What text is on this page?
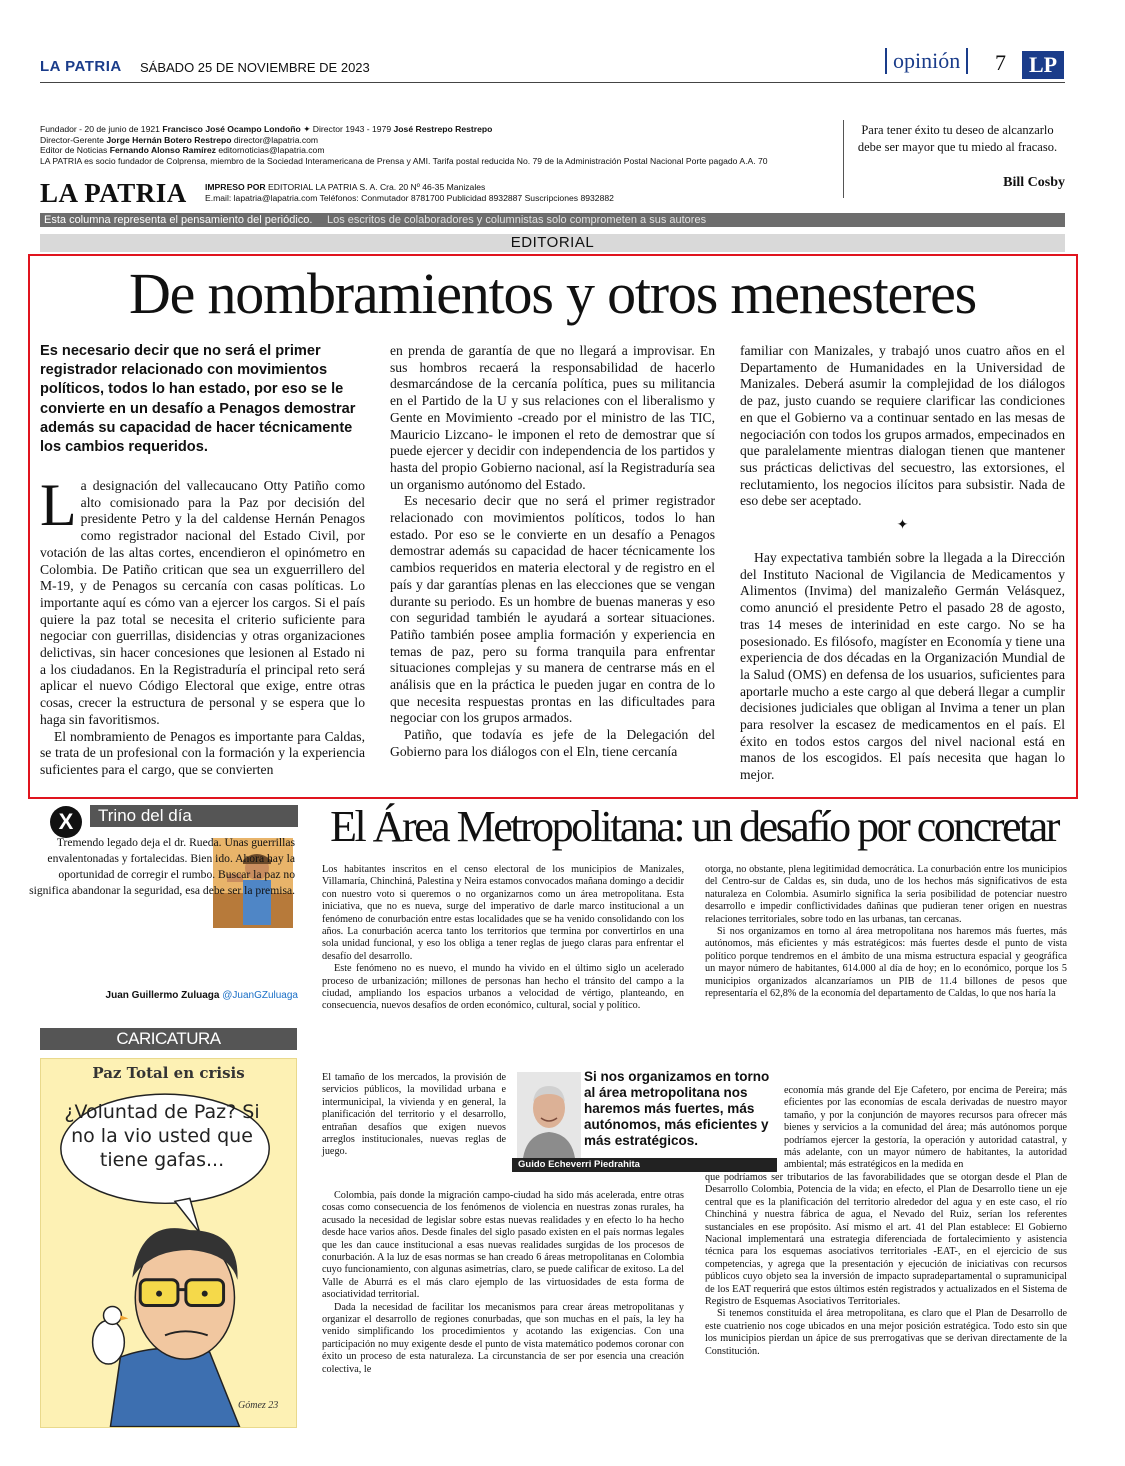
LA PATRIA SÁBADO 25 DE NOVIEMBRE DE 2023	opinión	7	LP
Fundador - 20 de junio de 1921 Francisco José Ocampo Londoño ✦ Director 1943 - 1979 José Restrepo Restrepo
Director-Gerente Jorge Hernán Botero Restrepo director@lapatria.com
Editor de Noticias Fernando Alonso Ramírez editornoticias@lapatria.com
LA PATRIA es socio fundador de Colprensa, miembro de la Sociedad Interamericana de Prensa y AMI. Tarifa postal reducida No. 79 de la Administración Postal Nacional Porte pagado A.A. 70
LA PATRIA IMPRESO POR EDITORIAL LA PATRIA S. A. Cra. 20 Nº 46-35 Manizales
E.mail: lapatria@lapatria.com Teléfonos: Conmutador 8781700 Publicidad 8932887 Suscripciones 8932882
Para tener éxito tu deseo de alcanzarlo debe ser mayor que tu miedo al fracaso.
Bill Cosby
Esta columna representa el pensamiento del periódico. Los escritos de colaboradores y columnistas solo comprometen a sus autores
EDITORIAL
De nombramientos y otros menesteres
Es necesario decir que no será el primer registrador relacionado con movimientos políticos, todos lo han estado, por eso se le convierte en un desafío a Penagos demostrar además su capacidad de hacer técnicamente los cambios requeridos.

La designación del vallecaucano Otty Patiño como alto comisionado para la Paz por decisión del presidente Petro y la del caldense Hernán Penagos como registrador nacional del Estado Civil, por votación de las altas cortes, encendieron el opinómetro en Colombia. De Patiño critican que sea un exguerrillero del M-19, y de Penagos su cercanía con casas políticas. Lo importante aquí es cómo van a ejercer los cargos. Si el país quiere la paz total se necesita el criterio suficiente para negociar con guerrillas, disidencias y otras organizaciones delictivas, sin hacer concesiones que lesionen al Estado ni a los ciudadanos. En la Registraduría el principal reto será aplicar el nuevo Código Electoral que exige, entre otras cosas, crecer la estructura de personal y se espera que lo haga sin favoritismos.

El nombramiento de Penagos es importante para Caldas, se trata de un profesional con la formación y la experiencia suficientes para el cargo, que se convierten

en prenda de garantía de que no llegará a improvisar. En sus hombros recaerá la responsabilidad de hacerlo desmarcándose de la cercanía política, pues su militancia en el Partido de la U y sus relaciones con el liberalismo y Gente en Movimiento -creado por el ministro de las TIC, Mauricio Lizcano- le imponen el reto de demostrar que sí puede ejercer y decidir con independencia de los partidos y hasta del propio Gobierno nacional, así la Registraduría sea un organismo autónomo del Estado.

Es necesario decir que no será el primer registrador relacionado con movimientos políticos, todos lo han estado. Por eso se le convierte en un desafío a Penagos demostrar además su capacidad de hacer técnicamente los cambios requeridos en materia electoral y de registro en el país y dar garantías plenas en las elecciones que se vengan durante su periodo. Es un hombre de buenas maneras y eso con seguridad también le ayudará a sortear situaciones. Patiño también posee amplia formación y experiencia en temas de paz, pero su forma tranquila para enfrentar situaciones complejas y su manera de centrarse más en el análisis que en la práctica le pueden jugar en contra de lo que necesita respuestas prontas en las dificultades para negociar con los grupos armados.

Patiño, que todavía es jefe de la Delegación del Gobierno para los diálogos con el Eln, tiene cercanía

familiar con Manizales, y trabajó unos cuatro años en el Departamento de Humanidades en la Universidad de Manizales. Deberá asumir la complejidad de los diálogos de paz, justo cuando se requiere clarificar las condiciones en que el Gobierno va a continuar sentado en las mesas de negociación con todos los grupos armados, empecinados en que paralelamente mientras dialogan tienen que mantener sus prácticas delictivas del secuestro, las extorsiones, el reclutamiento, los negocios ilícitos para subsistir. Nada de eso debe ser aceptado.

✦

Hay expectativa también sobre la llegada a la Dirección del Instituto Nacional de Vigilancia de Medicamentos y Alimentos (Invima) del manizaleño Germán Velásquez, como anunció el presidente Petro el pasado 28 de agosto, tras 14 meses de interinidad en este cargo. No se ha posesionado. Es filósofo, magíster en Economía y tiene una experiencia de dos décadas en la Organización Mundial de la Salud (OMS) en defensa de los usuarios, suficientes para aportarle mucho a este cargo al que deberá llegar a cumplir decisiones judiciales que obligan al Invima a tener un plan para resolver la escasez de medicamentos en el país. El éxito en todos estos cargos del nivel nacional está en manos de los escogidos. El país necesita que hagan lo mejor.

X	Trino del día
Tremendo legado deja el dr. Rueda. Unas guerrillas envalentonadas y fortalecidas. Bien ido. Ahora hay la oportunidad de corregir el rumbo. Buscar la paz no significa abandonar la seguridad, esa debe ser la premisa.
Juan Guillermo Zuluaga @JuanGZuluaga
CARICATURA
Paz Total en crisis
¿Voluntad de Paz? Si no la vio usted que tiene gafas...
Gómez 23
El Área Metropolitana: un desafío por concretar

Los habitantes inscritos en el censo electoral de los municipios de Manizales, Villamaría, Chinchiná, Palestina y Neira estamos convocados mañana domingo a decidir con nuestro voto si queremos o no organizarnos como un área metropolitana. Esta iniciativa, que no es nueva, surge del imperativo de darle marco institucional a un fenómeno de conurbación entre estas localidades que se ha venido consolidando con los años. La conurbación acerca tanto los territorios que termina por convertirlos en una sola unidad funcional, y eso los obliga a tener reglas de juego claras para enfrentar el desafío del desarrollo.

Este fenómeno no es nuevo, el mundo ha vivido en el último siglo un acelerado proceso de urbanización; millones de personas han hecho el tránsito del campo a la ciudad, ampliando los espacios urbanos a velocidad de vértigo, planteando, en consecuencia, nuevos desafíos de orden económico, cultural, social y político.

El tamaño de los mercados, la provisión de servicios públicos, la movilidad urbana e intermunicipal, la vivienda y en general, la planificación del territorio y el desarrollo, entrañan desafíos que exigen nuevos arreglos institucionales, nuevas reglas de juego.

Colombia, país donde la migración campo-ciudad ha sido más acelerada, entre otras cosas como consecuencia de los fenómenos de violencia en nuestras zonas rurales, ha acusado la necesidad de legislar sobre estas nuevas realidades y en efecto lo ha hecho desde hace varios años. Desde finales del siglo pasado existen en el país normas legales que les dan cauce institucional a esas nuevas realidades surgidas de los procesos de conurbación. A la luz de esas normas se han creado 6 áreas metropolitanas en Colombia cuyo funcionamiento, con algunas asimetrías, claro, se puede calificar de exitoso. La del Valle de Aburrá es el más claro ejemplo de las virtuosidades de esta forma de asociatividad territorial.

Dada la necesidad de facilitar los mecanismos para crear áreas metropolitanas y organizar el desarrollo de regiones conurbadas, que son muchas en el país, la ley ha venido simplificando los procedimientos y acotando las exigencias. Con una participación no muy exigente desde el punto de vista matemático podemos coronar con éxito un proceso de esta naturaleza. La circunstancia de ser por esencia una creación colectiva, le

otorga, no obstante, plena legitimidad democrática. La conurbación entre los municipios del Centro-sur de Caldas es, sin duda, uno de los hechos más significativos de esta naturaleza en Colombia. Asumirlo significa la seria posibilidad de potenciar nuestro desarrollo e impedir conflictividades dañinas que pudieran tener origen en nuestras relaciones territoriales, sobre todo en las urbanas, tan cercanas.

Si nos organizamos en torno al área metropolitana nos haremos más fuertes, más autónomos, más eficientes y más estratégicos: más fuertes desde el punto de vista político porque tendremos en el ámbito de una misma estructura espacial y geográfica un mayor número de habitantes, 614.000 al día de hoy; en lo económico, porque los 5 municipios organizados alcanzaríamos un PIB de 11.4 billones de pesos que representaría el 62,8% de la economía del departamento de Caldas, lo que nos haría la

economía más grande del Eje Cafetero, por encima de Pereira; más eficientes por las economías de escala derivadas de nuestro mayor tamaño, y por la conjunción de mayores recursos para ofrecer más bienes y servicios a la comunidad del área; más autónomos porque podríamos ejercer la gestoría, la operación y autoridad catastral, y más adelante, con un mayor número de habitantes, la autoridad ambiental; más estratégicos en la medida en

que podríamos ser tributarios de las favorabilidades que se otorgan desde el Plan de Desarrollo Colombia, Potencia de la vida; en efecto, el Plan de Desarrollo tiene un eje central que es la planificación del territorio alrededor del agua y en este caso, el río Chinchiná y nuestra fábrica de agua, el Nevado del Ruiz, serían los referentes sustanciales en ese propósito. Así mismo el art. 41 del Plan establece: El Gobierno Nacional implementará una estrategia diferenciada de fortalecimiento y asistencia técnica para los esquemas asociativos territoriales -EAT-, en el ejercicio de sus competencias, y agrega que la presentación y ejecución de iniciativas con recursos públicos cuyo objeto sea la inversión de impacto supradepartamental o supramunicipal de los EAT requerirá que estos últimos estén registrados y actualizados en el Sistema de Registro de Esquemas Asociativos Territoriales.

Si tenemos constituida el área metropolitana, es claro que el Plan de Desarrollo de este cuatrienio nos coge ubicados en una mejor posición estratégica. Todo esto sin que los municipios pierdan un ápice de sus prerrogativas que se derivan directamente de la Constitución.

Si nos organizamos en torno al área metropolitana nos haremos más fuertes, más autónomos, más eficientes y más estratégicos.
Guido Echeverri Piedrahita
